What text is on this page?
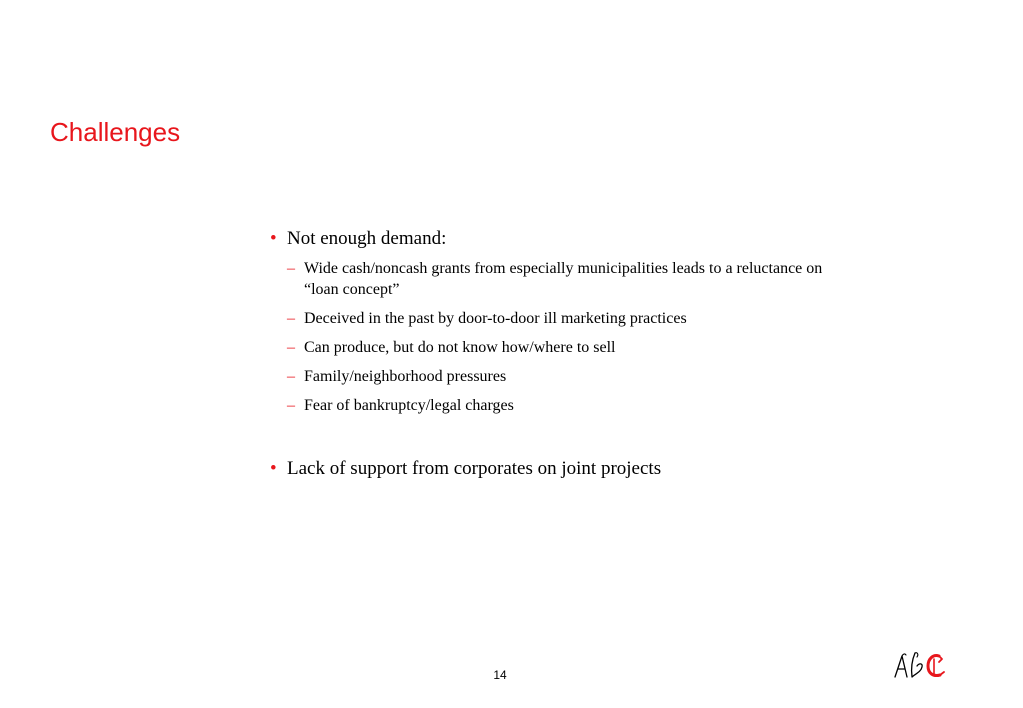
Challenges
• Not enough demand:
– Wide cash/noncash grants from especially municipalities leads to a reluctance on “loan concept”
– Deceived in the past by door-to-door ill marketing practices
– Can produce, but do not know how/where to sell
– Family/neighborhood pressures
– Fear of bankruptcy/legal charges
• Lack of support from corporates on joint projects
14
